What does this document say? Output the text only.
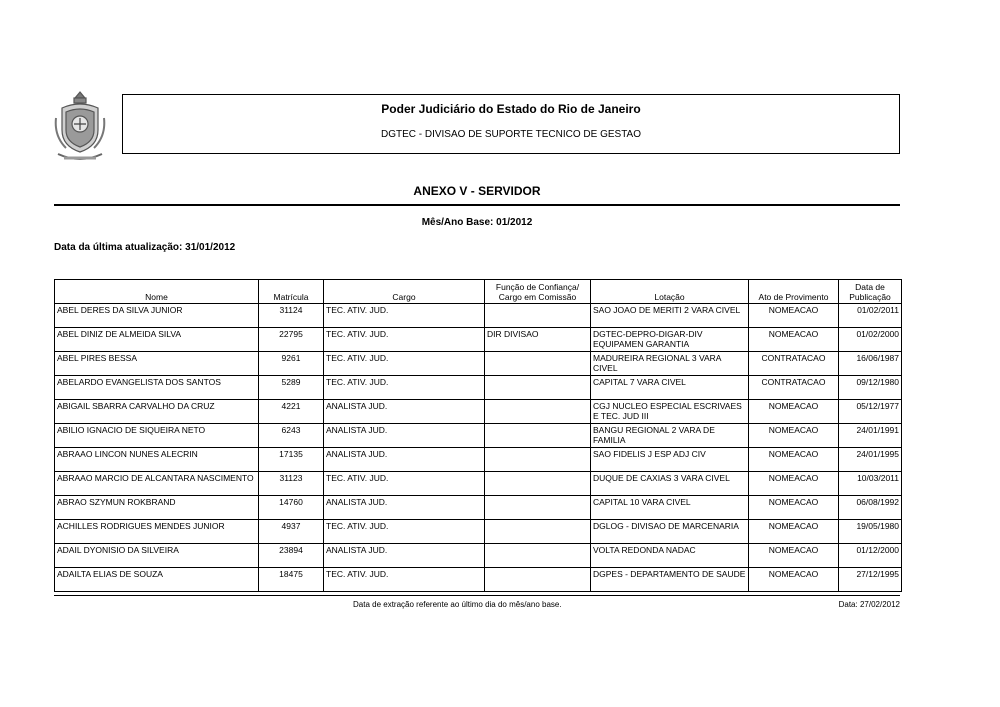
Poder Judiciário do Estado do Rio de Janeiro
DGTEC - DIVISAO DE SUPORTE TECNICO DE GESTAO
ANEXO V - SERVIDOR
Mês/Ano Base: 01/2012
Data da última atualização: 31/01/2012
Nome	Matrícula	Cargo	Função de Confiança/ Cargo em Comissão	Lotação	Ato de Provimento	Data de Publicação
ABEL DERES DA SILVA JUNIOR	31124	TEC. ATIV. JUD.		SAO JOAO DE MERITI 2 VARA CIVEL	NOMEACAO	01/02/2011
ABEL DINIZ DE ALMEIDA SILVA	22795	TEC. ATIV. JUD.	DIR DIVISAO	DGTEC-DEPRO-DIGAR-DIV EQUIPAMEN GARANTIA	NOMEACAO	01/02/2000
ABEL PIRES BESSA	9261	TEC. ATIV. JUD.		MADUREIRA REGIONAL 3 VARA CIVEL	CONTRATACAO	16/06/1987
ABELARDO EVANGELISTA DOS SANTOS	5289	TEC. ATIV. JUD.		CAPITAL 7 VARA CIVEL	CONTRATACAO	09/12/1980
ABIGAIL SBARRA CARVALHO DA CRUZ	4221	ANALISTA JUD.		CGJ NUCLEO ESPECIAL ESCRIVAES E TEC. JUD III	NOMEACAO	05/12/1977
ABILIO IGNACIO DE SIQUEIRA NETO	6243	ANALISTA JUD.		BANGU REGIONAL 2 VARA DE FAMILIA	NOMEACAO	24/01/1991
ABRAAO LINCON NUNES ALECRIN	17135	ANALISTA JUD.		SAO FIDELIS J ESP ADJ CIV	NOMEACAO	24/01/1995
ABRAAO MARCIO DE ALCANTARA NASCIMENTO	31123	TEC. ATIV. JUD.		DUQUE DE CAXIAS 3 VARA CIVEL	NOMEACAO	10/03/2011
ABRAO SZYMUN ROKBRAND	14760	ANALISTA JUD.		CAPITAL 10 VARA CIVEL	NOMEACAO	06/08/1992
ACHILLES RODRIGUES MENDES JUNIOR	4937	TEC. ATIV. JUD.		DGLOG - DIVISAO DE MARCENARIA	NOMEACAO	19/05/1980
ADAIL DYONISIO DA SILVEIRA	23894	ANALISTA JUD.		VOLTA REDONDA NADAC	NOMEACAO	01/12/2000
ADAILTA ELIAS DE SOUZA	18475	TEC. ATIV. JUD.		DGPES - DEPARTAMENTO DE SAUDE	NOMEACAO	27/12/1995
Data de extração referente ao último dia do mês/ano base.	Data: 27/02/2012
